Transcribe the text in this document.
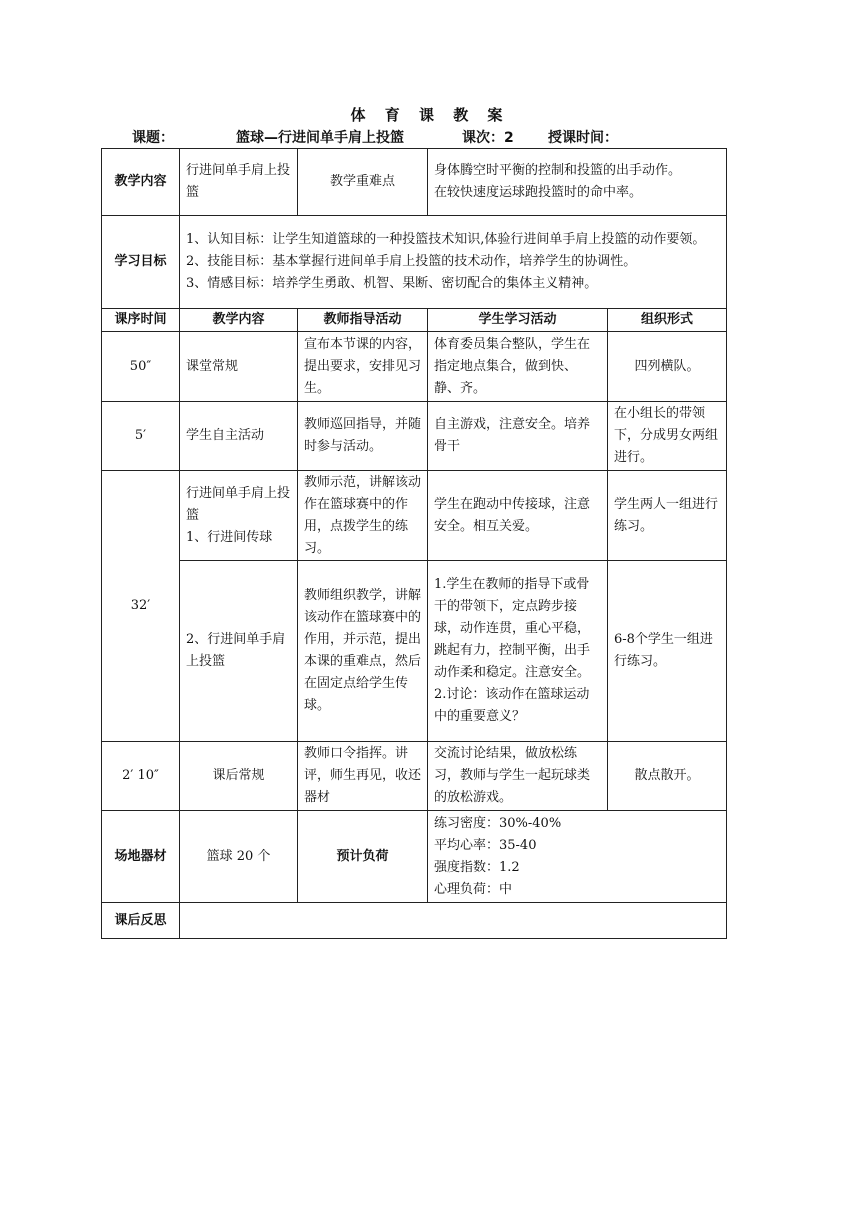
体 育 课 教 案
课题：	篮球—行进间单手肩上投篮	课次：2 授课时间：
教学内容	行进间单手肩上投篮	教学重难点	身体腾空时平衡的控制和投篮的出手动作。
在较快速度运球跑投篮时的命中率。	

学习目标	1、认知目标：让学生知道篮球的一种投篮技术知识,体验行进间单手肩上投篮的动作要领。
2、技能目标：基本掌握行进间单手肩上投篮的技术动作，培养学生的协调性。
3、情感目标：培养学生勇敢、机智、果断、密切配合的集体主义精神。			

课序时间	教学内容	教师指导活动	学生学习活动	组织形式
50″	课堂常规	宣布本节课的内容，提出要求，安排见习生。	体育委员集合整队，学生在指定地点集合，做到快、静、齐。	四列横队。
5′	学生自主活动	教师巡回指导，并随时参与活动。	自主游戏，注意安全。培养骨干	在小组长的带领下，分成男女两组进行。
32′	行进间单手肩上投篮
1、行进间传球	教师示范，讲解该动作在篮球赛中的作用，点拨学生的练习。	学生在跑动中传接球，注意安全。相互关爱。	学生两人一组进行练习。
	2、行进间单手肩上投篮	教师组织教学，讲解该动作在篮球赛中的作用，并示范，提出本课的重难点，然后在固定点给学生传球。	1.学生在教师的指导下或骨干的带领下，定点跨步接球，动作连贯，重心平稳，跳起有力，控制平衡，出手动作柔和稳定。注意安全。
2.讨论：该动作在篮球运动中的重要意义？	6-8个学生一组进行练习。
2′ 10″	课后常规	教师口令指挥。讲评，师生再见，收还器材	交流讨论结果，做放松练习，教师与学生一起玩球类的放松游戏。	散点散开。
场地器材	篮球 20 个	预计负荷	练习密度：30%-40%
平均心率：35-40
强度指数：1.2
心理负荷：中	

课后反思				
